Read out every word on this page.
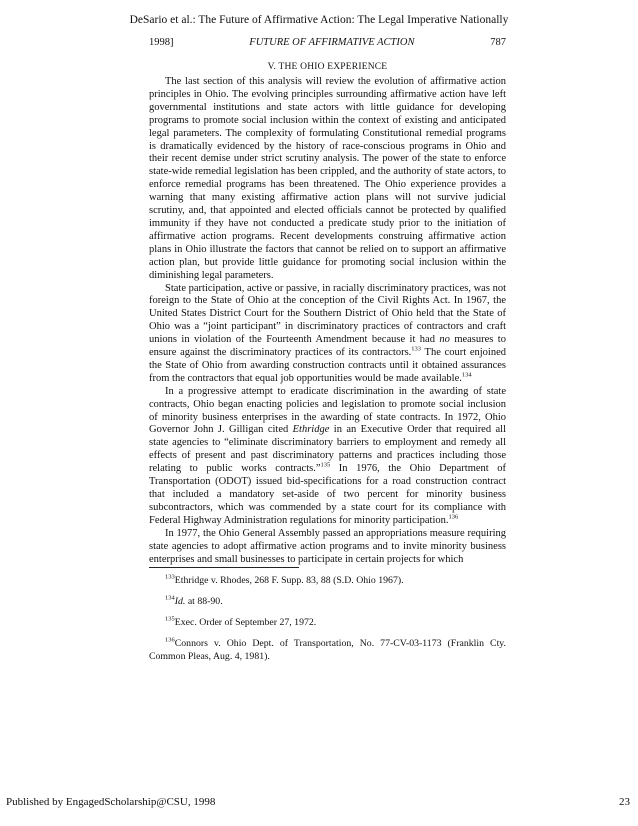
DeSario et al.: The Future of Affirmative Action: The Legal Imperative Nationally
1998]	FUTURE OF AFFIRMATIVE ACTION	787
V. THE OHIO EXPERIENCE

The last section of this analysis will review the evolution of affirmative action principles in Ohio. The evolving principles surrounding affirmative action have left governmental institutions and state actors with little guidance for developing programs to promote social inclusion within the context of existing and anticipated legal parameters. The complexity of formulating Constitutional remedial programs is dramatically evidenced by the history of race-conscious programs in Ohio and their recent demise under strict scrutiny analysis. The power of the state to enforce state-wide remedial legislation has been crippled, and the authority of state actors, to enforce remedial programs has been threatened. The Ohio experience provides a warning that many existing affirmative action plans will not survive judicial scrutiny, and, that appointed and elected officials cannot be protected by qualified immunity if they have not conducted a predicate study prior to the initiation of affirmative action programs. Recent developments construing affirmative action plans in Ohio illustrate the factors that cannot be relied on to support an affirmative action plan, but provide little guidance for promoting social inclusion within the diminishing legal parameters.

State participation, active or passive, in racially discriminatory practices, was not foreign to the State of Ohio at the conception of the Civil Rights Act. In 1967, the United States District Court for the Southern District of Ohio held that the State of Ohio was a “joint participant” in discriminatory practices of contractors and craft unions in violation of the Fourteenth Amendment because it had no measures to ensure against the discriminatory practices of its contractors.$^{133}$ The court enjoined the State of Ohio from awarding construction contracts until it obtained assurances from the contractors that equal job opportunities would be made available.$^{134}$

In a progressive attempt to eradicate discrimination in the awarding of state contracts, Ohio began enacting policies and legislation to promote social inclusion of minority business enterprises in the awarding of state contracts. In 1972, Ohio Governor John J. Gilligan cited Ethridge in an Executive Order that required all state agencies to “eliminate discriminatory barriers to employment and remedy all effects of present and past discriminatory patterns and practices including those relating to public works contracts.”$^{135}$ In 1976, the Ohio Department of Transportation (ODOT) issued bid-specifications for a road construction contract that included a mandatory set-aside of two percent for minority business subcontractors, which was commended by a state court for its compliance with Federal Highway Administration regulations for minority participation.$^{136}$

In 1977, the Ohio General Assembly passed an appropriations measure requiring state agencies to adopt affirmative action programs and to invite minority business enterprises and small businesses to participate in certain projects for which

$^{133}$Ethridge v. Rhodes, 268 F. Supp. 83, 88 (S.D. Ohio 1967).

$^{134}$Id. at 88-90.

$^{135}$Exec. Order of September 27, 1972.

$^{136}$Connors v. Ohio Dept. of Transportation, No. 77-CV-03-1173 (Franklin Cty. Common Pleas, Aug. 4, 1981).

Published by EngagedScholarship@CSU, 1998	23
